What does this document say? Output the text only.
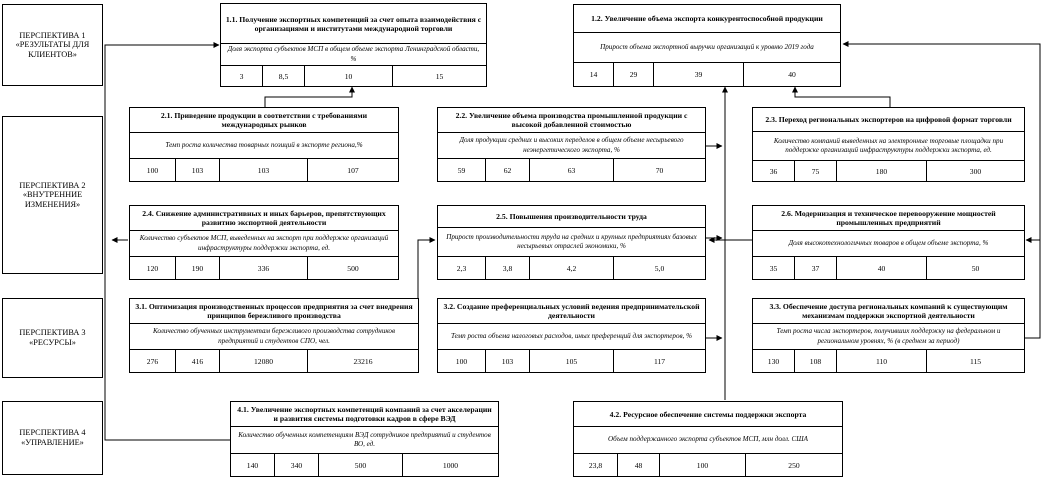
ПЕРСПЕКТИВА 1
«РЕЗУЛЬТАТЫ ДЛЯ
КЛИЕНТОВ»
ПЕРСПЕКТИВА 2
«ВНУТРЕННИЕ
ИЗМЕНЕНИЯ»
ПЕРСПЕКТИВА 3
«РЕСУРСЫ»
ПЕРСПЕКТИВА 4
«УПРАВЛЕНИЕ»
1.1. Получение экспортных компетенций за счет опыта взаимодействия с организациями и институтами международной торговли
Доля экспорта субъектов МСП в общем объеме экспорта Ленинградской области, %
3	8,5	10	15
1.2. Увеличение объема экспорта конкурентоспособной продукции
Прирост объема экспортной выручки организаций к уровню 2019 года
14	29	39	40
2.1. Приведение продукции в соответствии с требованиями международных рынков
Темп роста количества товарных позиций в экспорте региона,%
100	103	103	107
2.2. Увеличение объема производства промышленной продукции с высокой добавленной стоимостью
Доля продукции средних и высоких переделов в общем объеме несырьевого неэнергетического экспорта, %
59	62	63	70
2.3. Переход региональных экспортеров на цифровой формат торговли
Количество компаний выведенных на электронные торговые площадки при поддержке организаций инфраструктуры поддержки экспорта, ед.
36	75	180	300
2.4. Снижение административных и иных барьеров, препятствующих развитию экспортной деятельности
Количество субъектов МСП, выведенных на экспорт при поддержке организаций инфраструктуры поддержки экспорта, ед.
120	190	336	500
2.5. Повышения производительности труда
Прирост производительности труда на средних и крупных предприятиях базовых несырьевых отраслей экономики, %
2,3	3,8	4,2	5,0
2.6. Модернизация и техническое перевооружение мощностей промышленных предприятий
Доля высокотехнологичных товаров в общем объеме экспорта, %
35	37	40	50
3.1. Оптимизация производственных процессов предприятия за счет внедрения принципов бережливого производства
Количество обученных инструментам бережливого производства сотрудников предприятий и студентов СПО, чел.
276	416	12080	23216
3.2. Создание преференциальных условий ведения предпринимательской деятельности
Темп роста объема налоговых расходов, иных преференций для экспортеров, %
100	103	105	117
3.3. Обеспечение доступа региональных компаний к существующим механизмам поддержки экспортной деятельности
Темп роста числа экспортеров, получивших поддержку на федеральном и региональном уровнях, % (в среднем за период)
130	108	110	115
4.1. Увеличение экспортных компетенций компаний за счет акселерации и развития системы подготовки кадров в сфере ВЭД
Количество обученных компетенциям ВЭД сотрудников предприятий и студентов ВО, ед.
140	340	500	1000
4.2. Ресурсное обеспечение системы поддержки экспорта
Объем поддержанного экспорта субъектов МСП, млн долл. США
23,8	48	100	250
